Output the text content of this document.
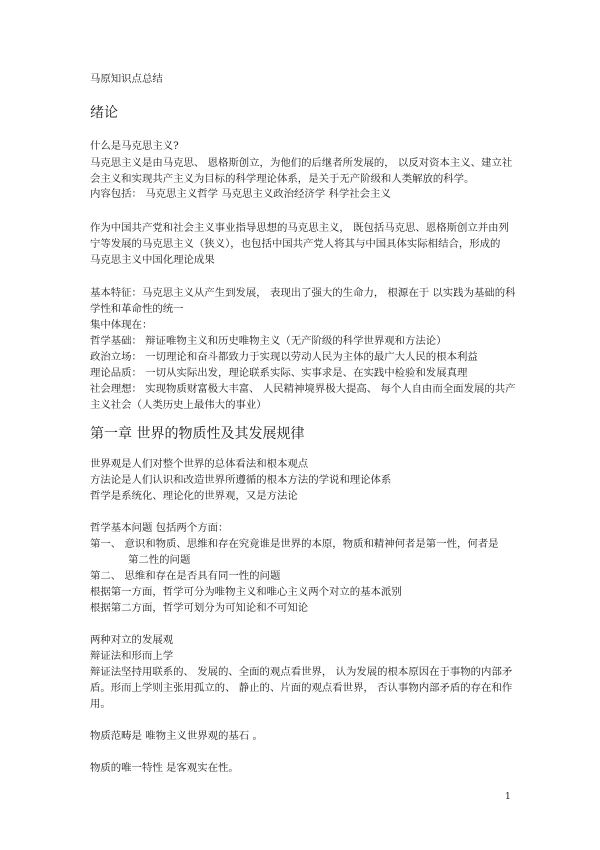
马原知识点总结
绪论
什么是马克思主义?
马克思主义是由马克思、 恩格斯创立，为他们的后继者所发展的， 以反对资本主义、建立社
会主义和实现共产主义为目标的科学理论体系，是关于无产阶级和人类解放的科学。
内容包括： 马克思主义哲学 马克思主义政治经济学 科学社会主义
作为中国共产党和社会主义事业指导思想的马克思主义， 既包括马克思、恩格斯创立并由列
宁等发展的马克思主义（狭义），也包括中国共产党人将其与中国具体实际相结合，形成的
马克思主义中国化理论成果
基本特征：马克思主义从产生到发展， 表现出了强大的生命力， 根源在于 以实践为基础的科
学性和革命性的统一
集中体现在：
哲学基础： 辩证唯物主义和历史唯物主义（无产阶级的科学世界观和方法论）
政治立场： 一切理论和奋斗都致力于实现以劳动人民为主体的最广大人民的根本利益
理论品质： 一切从实际出发，理论联系实际、实事求是、在实践中检验和发展真理
社会理想： 实现物质财富极大丰富、 人民精神境界极大提高、 每个人自由而全面发展的共产
主义社会（人类历史上最伟大的事业）
第一章 世界的物质性及其发展规律
世界观是人们对整个世界的总体看法和根本观点
方法论是人们认识和改造世界所遵循的根本方法的学说和理论体系
哲学是系统化、理论化的世界观，又是方法论
哲学基本问题 包括两个方面：
第一、 意识和物质、思维和存在究竟谁是世界的本原，物质和精神何者是第一性，何者是
第二性的问题
第二、 思维和存在是否具有同一性的问题
根据第一方面，哲学可分为唯物主义和唯心主义两个对立的基本派别
根据第二方面，哲学可划分为可知论和不可知论
两种对立的发展观
辩证法和形而上学
辩证法坚持用联系的、 发展的、全面的观点看世界， 认为发展的根本原因在于事物的内部矛
盾。形而上学则主张用孤立的、 静止的、片面的观点看世界， 否认事物内部矛盾的存在和作
用。
物质范畴是 唯物主义世界观的基石 。
物质的唯一特性 是客观实在性。
1
